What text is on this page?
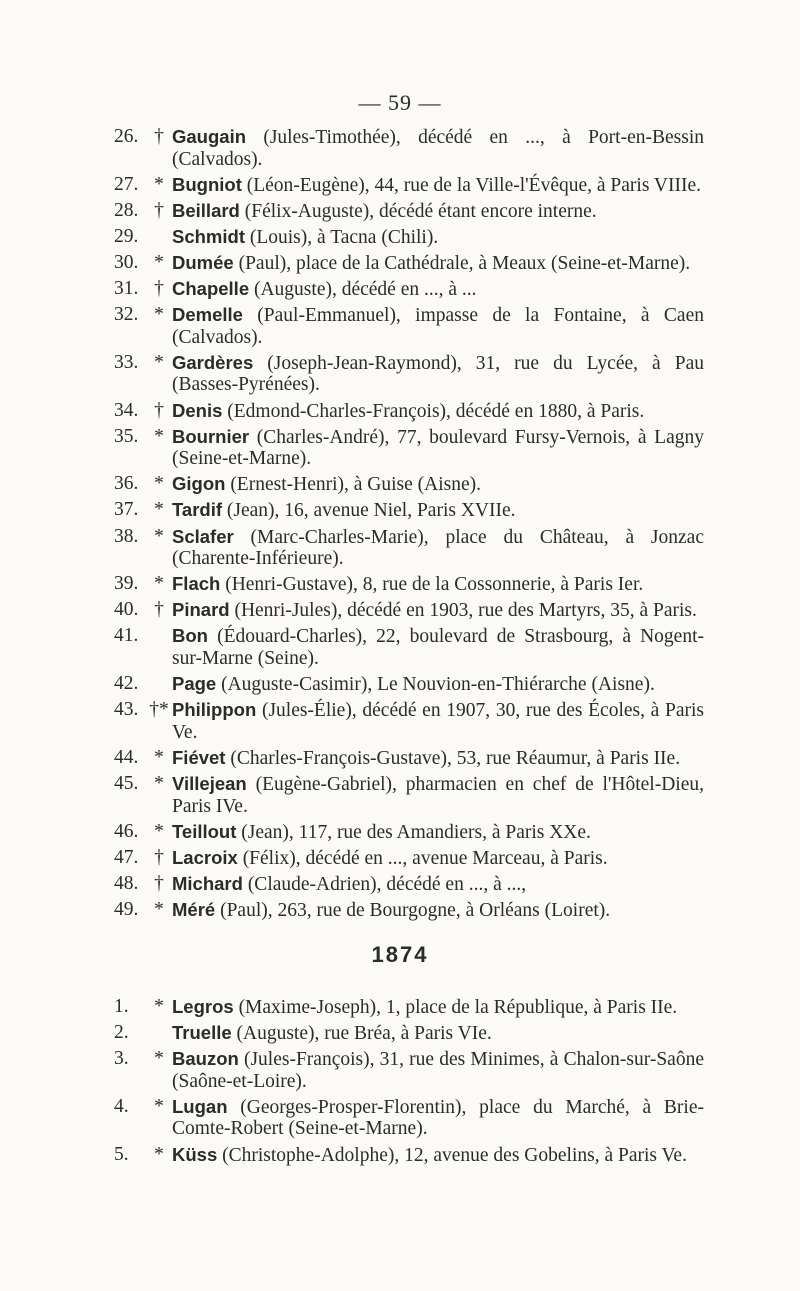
— 59 —
26. † Gaugain (Jules-Timothée), décédé en ..., à Port-en-Bessin (Calvados).
27. * Bugniot (Léon-Eugène), 44, rue de la Ville-l'Évêque, à Paris VIIIe.
28. † Beillard (Félix-Auguste), décédé étant encore interne.
29.	Schmidt (Louis), à Tacna (Chili).
30. * Dumée (Paul), place de la Cathédrale, à Meaux (Seine-et-Marne).
31. † Chapelle (Auguste), décédé en ..., à ...
32. * Demelle (Paul-Emmanuel), impasse de la Fontaine, à Caen (Calvados).
33. * Gardères (Joseph-Jean-Raymond), 31, rue du Lycée, à Pau (Basses-Pyrénées).
34. † Denis (Edmond-Charles-François), décédé en 1880, à Paris.
35. * Bournier (Charles-André), 77, boulevard Fursy-Vernois, à Lagny (Seine-et-Marne).
36. * Gigon (Ernest-Henri), à Guise (Aisne).
37. * Tardif (Jean), 16, avenue Niel, Paris XVIIe.
38. * Sclafer (Marc-Charles-Marie), place du Château, à Jonzac (Charente-Inférieure).
39. * Flach (Henri-Gustave), 8, rue de la Cossonnerie, à Paris Ier.
40. † Pinard (Henri-Jules), décédé en 1903, rue des Martyrs, 35, à Paris.
41.	Bon (Édouard-Charles), 22, boulevard de Strasbourg, à Nogent-sur-Marne (Seine).
42.	Page (Auguste-Casimir), Le Nouvion-en-Thiérarche (Aisne).
43. †* Philippon (Jules-Élie), décédé en 1907, 30, rue des Écoles, à Paris Ve.
44. * Fiévet (Charles-François-Gustave), 53, rue Réaumur, à Paris IIe.
45. * Villejean (Eugène-Gabriel), pharmacien en chef de l'Hôtel-Dieu, Paris IVe.
46. * Teillout (Jean), 117, rue des Amandiers, à Paris XXe.
47. † Lacroix (Félix), décédé en ..., avenue Marceau, à Paris.
48. † Michard (Claude-Adrien), décédé en ..., à ...,
49. * Méré (Paul), 263, rue de Bourgogne, à Orléans (Loiret).
1874
1.	* Legros (Maxime-Joseph), 1, place de la République, à Paris IIe.
2.	Truelle (Auguste), rue Bréa, à Paris VIe.
3.	* Bauzon (Jules-François), 31, rue des Minimes, à Chalon-sur-Saône (Saône-et-Loire).
4.	* Lugan (Georges-Prosper-Florentin), place du Marché, à Brie-Comte-Robert (Seine-et-Marne).
5.	* Küss (Christophe-Adolphe), 12, avenue des Gobelins, à Paris Ve.
